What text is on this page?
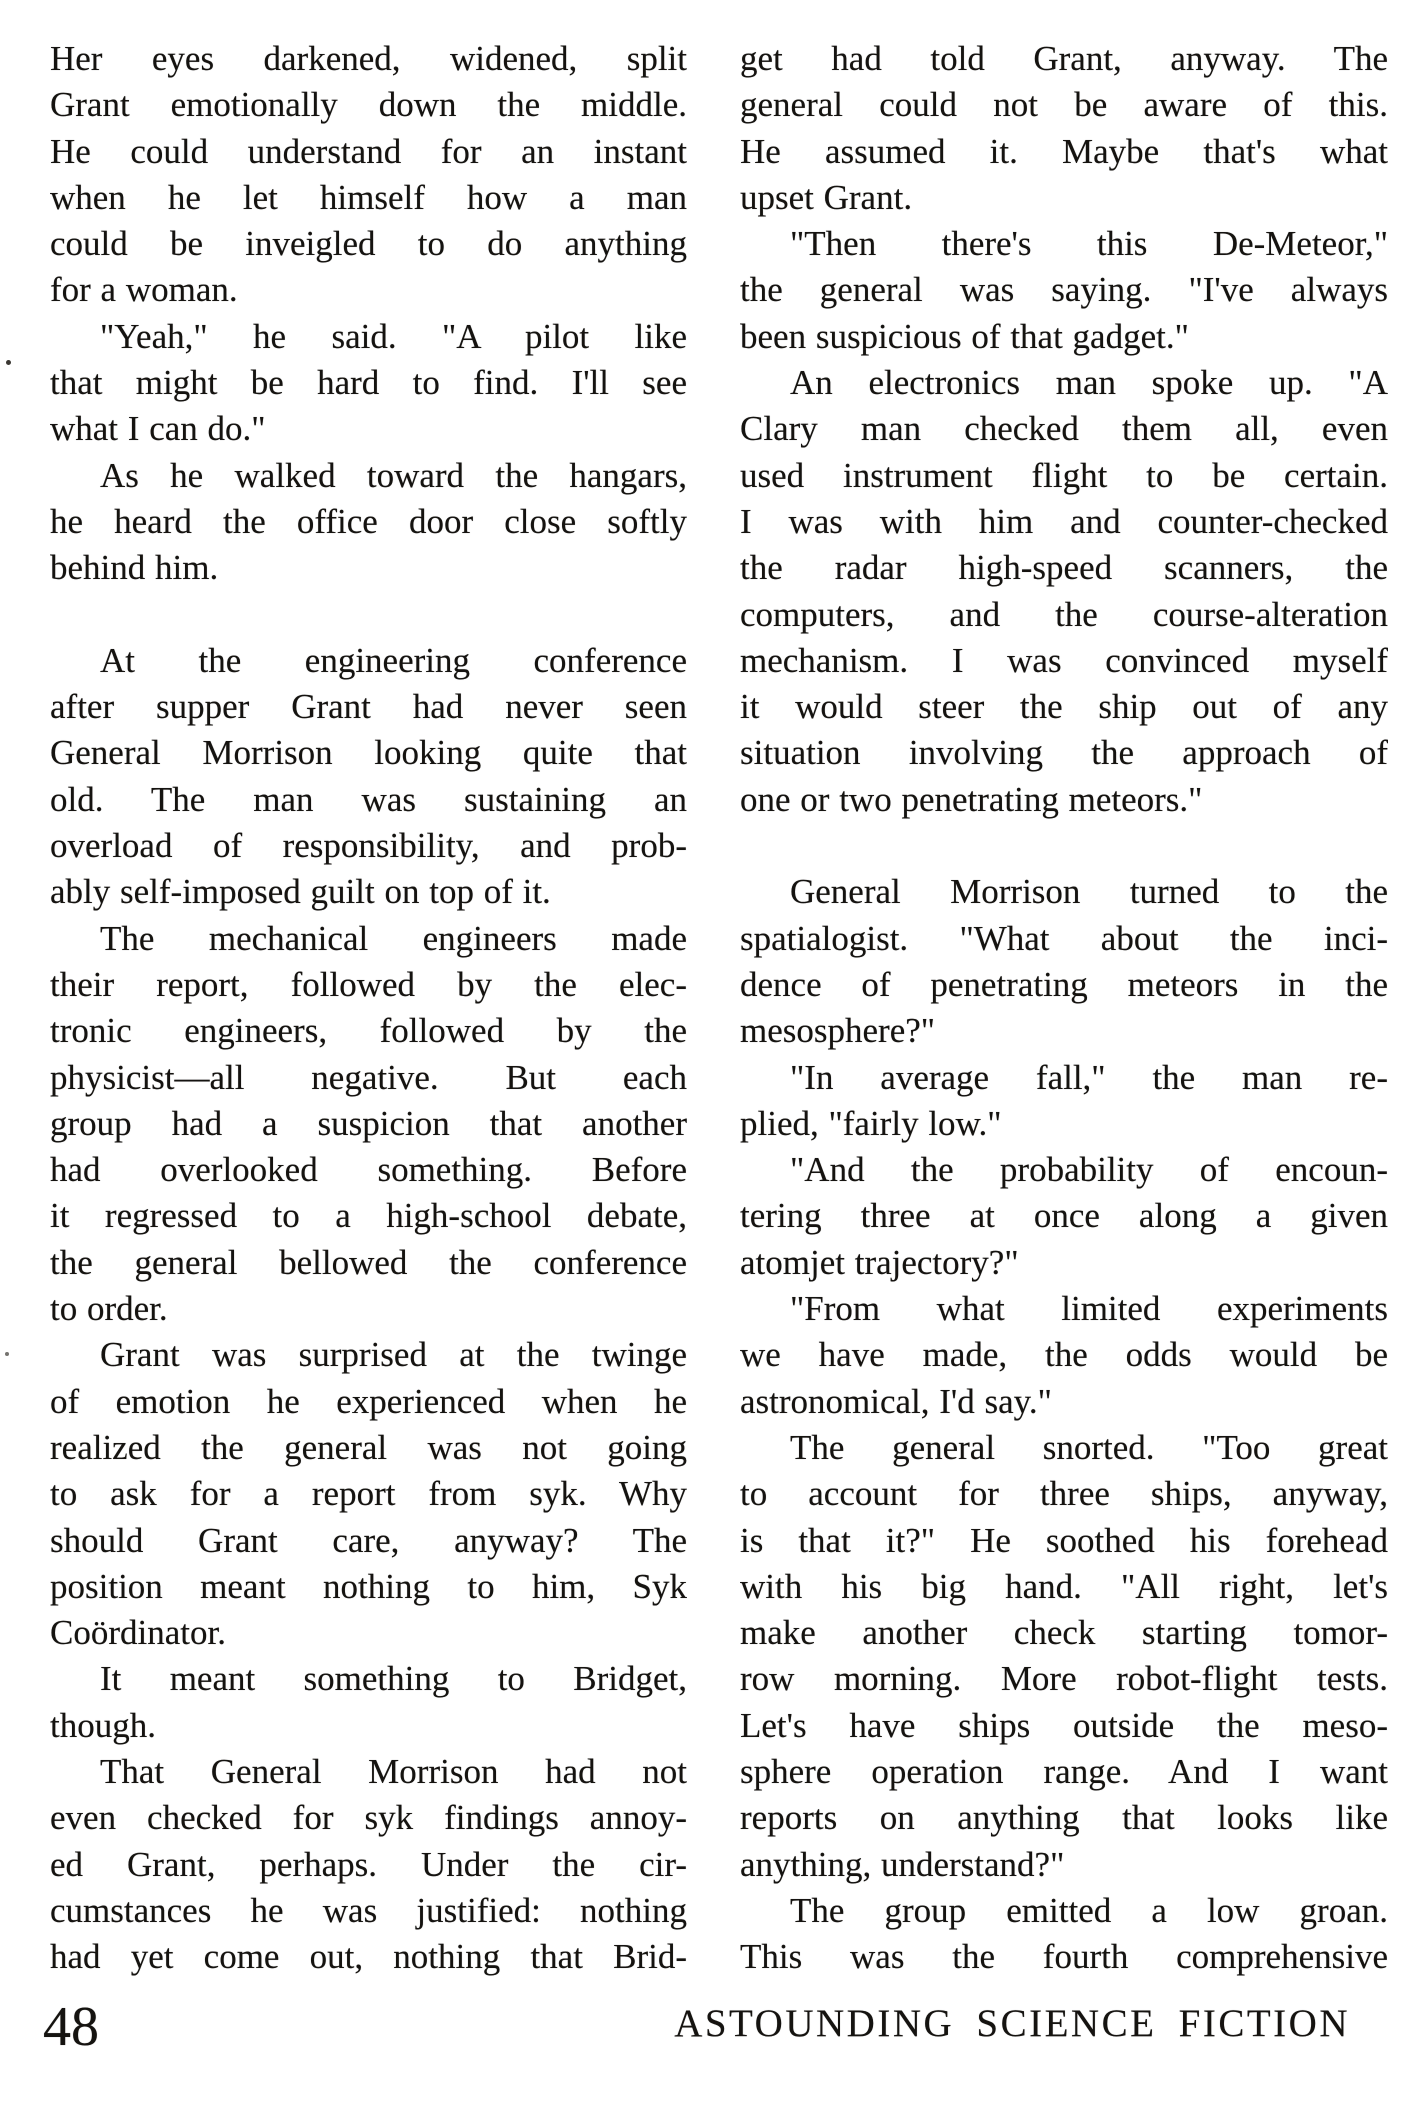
Her eyes darkened, widened, split
Grant emotionally down the middle.
He could understand for an instant
when he let himself how a man
could be inveigled to do anything
for a woman.
"Yeah," he said. "A pilot like
that might be hard to find. I'll see
what I can do."
As he walked toward the hangars,
he heard the office door close softly
behind him.

At the engineering conference
after supper Grant had never seen
General Morrison looking quite that
old. The man was sustaining an
overload of responsibility, and prob-
ably self-imposed guilt on top of it.
The mechanical engineers made
their report, followed by the elec-
tronic engineers, followed by the
physicist—all negative. But each
group had a suspicion that another
had overlooked something. Before
it regressed to a high-school debate,
the general bellowed the conference
to order.
Grant was surprised at the twinge
of emotion he experienced when he
realized the general was not going
to ask for a report from syk. Why
should Grant care, anyway? The
position meant nothing to him, Syk
Coördinator.
It meant something to Bridget,
though.
That General Morrison had not
even checked for syk findings annoy-
ed Grant, perhaps. Under the cir-
cumstances he was justified: nothing
had yet come out, nothing that Brid-
get had told Grant, anyway. The
general could not be aware of this.
He assumed it. Maybe that's what
upset Grant.
"Then there's this De-Meteor,"
the general was saying. "I've always
been suspicious of that gadget."
An electronics man spoke up. "A
Clary man checked them all, even
used instrument flight to be certain.
I was with him and counter-checked
the radar high-speed scanners, the
computers, and the course-alteration
mechanism. I was convinced myself
it would steer the ship out of any
situation involving the approach of
one or two penetrating meteors."

General Morrison turned to the
spatialogist. "What about the inci-
dence of penetrating meteors in the
mesosphere?"
"In average fall," the man re-
plied, "fairly low."
"And the probability of encoun-
tering three at once along a given
atomjet trajectory?"
"From what limited experiments
we have made, the odds would be
astronomical, I'd say."
The general snorted. "Too great
to account for three ships, anyway,
is that it?" He soothed his forehead
with his big hand. "All right, let's
make another check starting tomor-
row morning. More robot-flight tests.
Let's have ships outside the meso-
sphere operation range. And I want
reports on anything that looks like
anything, understand?"
The group emitted a low groan.
This was the fourth comprehensive
48	ASTOUNDING SCIENCE FICTION
